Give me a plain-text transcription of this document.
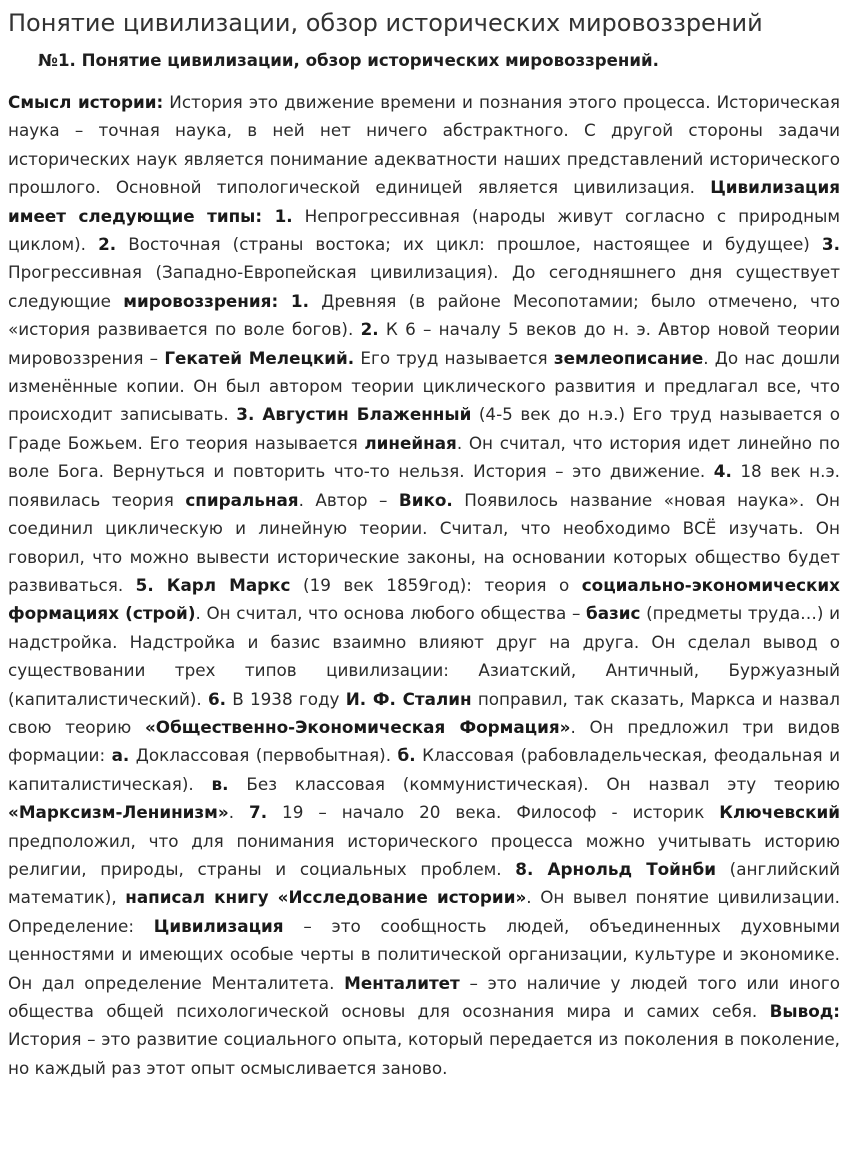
Понятие цивилизации, обзор исторических мировоззрений
№1. Понятие цивилизации, обзор исторических мировоззрений.

Смысл истории: История это движение времени и познания этого процесса. Историческая наука – точная наука, в ней нет ничего абстрактного. С другой стороны задачи исторических наук является понимание адекватности наших представлений исторического прошлого. Основной типологической единицей является цивилизация. Цивилизация имеет следующие типы: 1. Непрогрессивная (народы живут согласно с природным циклом). 2. Восточная (страны востока; их цикл: прошлое, настоящее и будущее) 3. Прогрессивная (Западно-Европейская цивилизация). До сегодняшнего дня существует следующие мировоззрения: 1. Древняя (в районе Месопотамии; было отмечено, что «история развивается по воле богов). 2. К 6 – началу 5 веков до н. э. Автор новой теории мировоззрения – Гекатей Мелецкий. Его труд называется землеописание. До нас дошли изменённые копии. Он был автором теории циклического развития и предлагал все, что происходит записывать. 3. Августин Блаженный (4-5 век до н.э.) Его труд называется о Граде Божьем. Его теория называется линейная. Он считал, что история идет линейно по воле Бога. Вернуться и повторить что-то нельзя. История – это движение. 4. 18 век н.э. появилась теория спиральная. Автор – Вико. Появилось название «новая наука». Он соединил циклическую и линейную теории. Считал, что необходимо ВСЁ изучать. Он говорил, что можно вывести исторические законы, на основании которых общество будет развиваться. 5. Карл Маркс (19 век 1859год): теория о социально-экономических формациях (строй). Он считал, что основа любого общества – базис (предметы труда…) и надстройка. Надстройка и базис взаимно влияют друг на друга. Он сделал вывод о существовании трех типов цивилизации: Азиатский, Античный, Буржуазный (капиталистический). 6. В 1938 году И. Ф. Сталин поправил, так сказать, Маркса и назвал свою теорию «Общественно-Экономическая Формация». Он предложил три видов формации: а. Доклассовая (первобытная). б. Классовая (рабовладельческая, феодальная и капиталистическая). в. Без классовая (коммунистическая). Он назвал эту теорию «Марксизм-Ленинизм». 7. 19 – начало 20 века. Философ - историк Ключевский предположил, что для понимания исторического процесса можно учитывать историю религии, природы, страны и социальных проблем. 8. Арнольд Тойнби (английский математик), написал книгу «Исследование истории». Он вывел понятие цивилизации. Определение: Цивилизация – это сообщность людей, объединенных духовными ценностями и имеющих особые черты в политической организации, культуре и экономике. Он дал определение Менталитета. Менталитет – это наличие у людей того или иного общества общей психологической основы для осознания мира и самих себя. Вывод: История – это развитие социального опыта, который передается из поколения в поколение, но каждый раз этот опыт осмысливается заново.
